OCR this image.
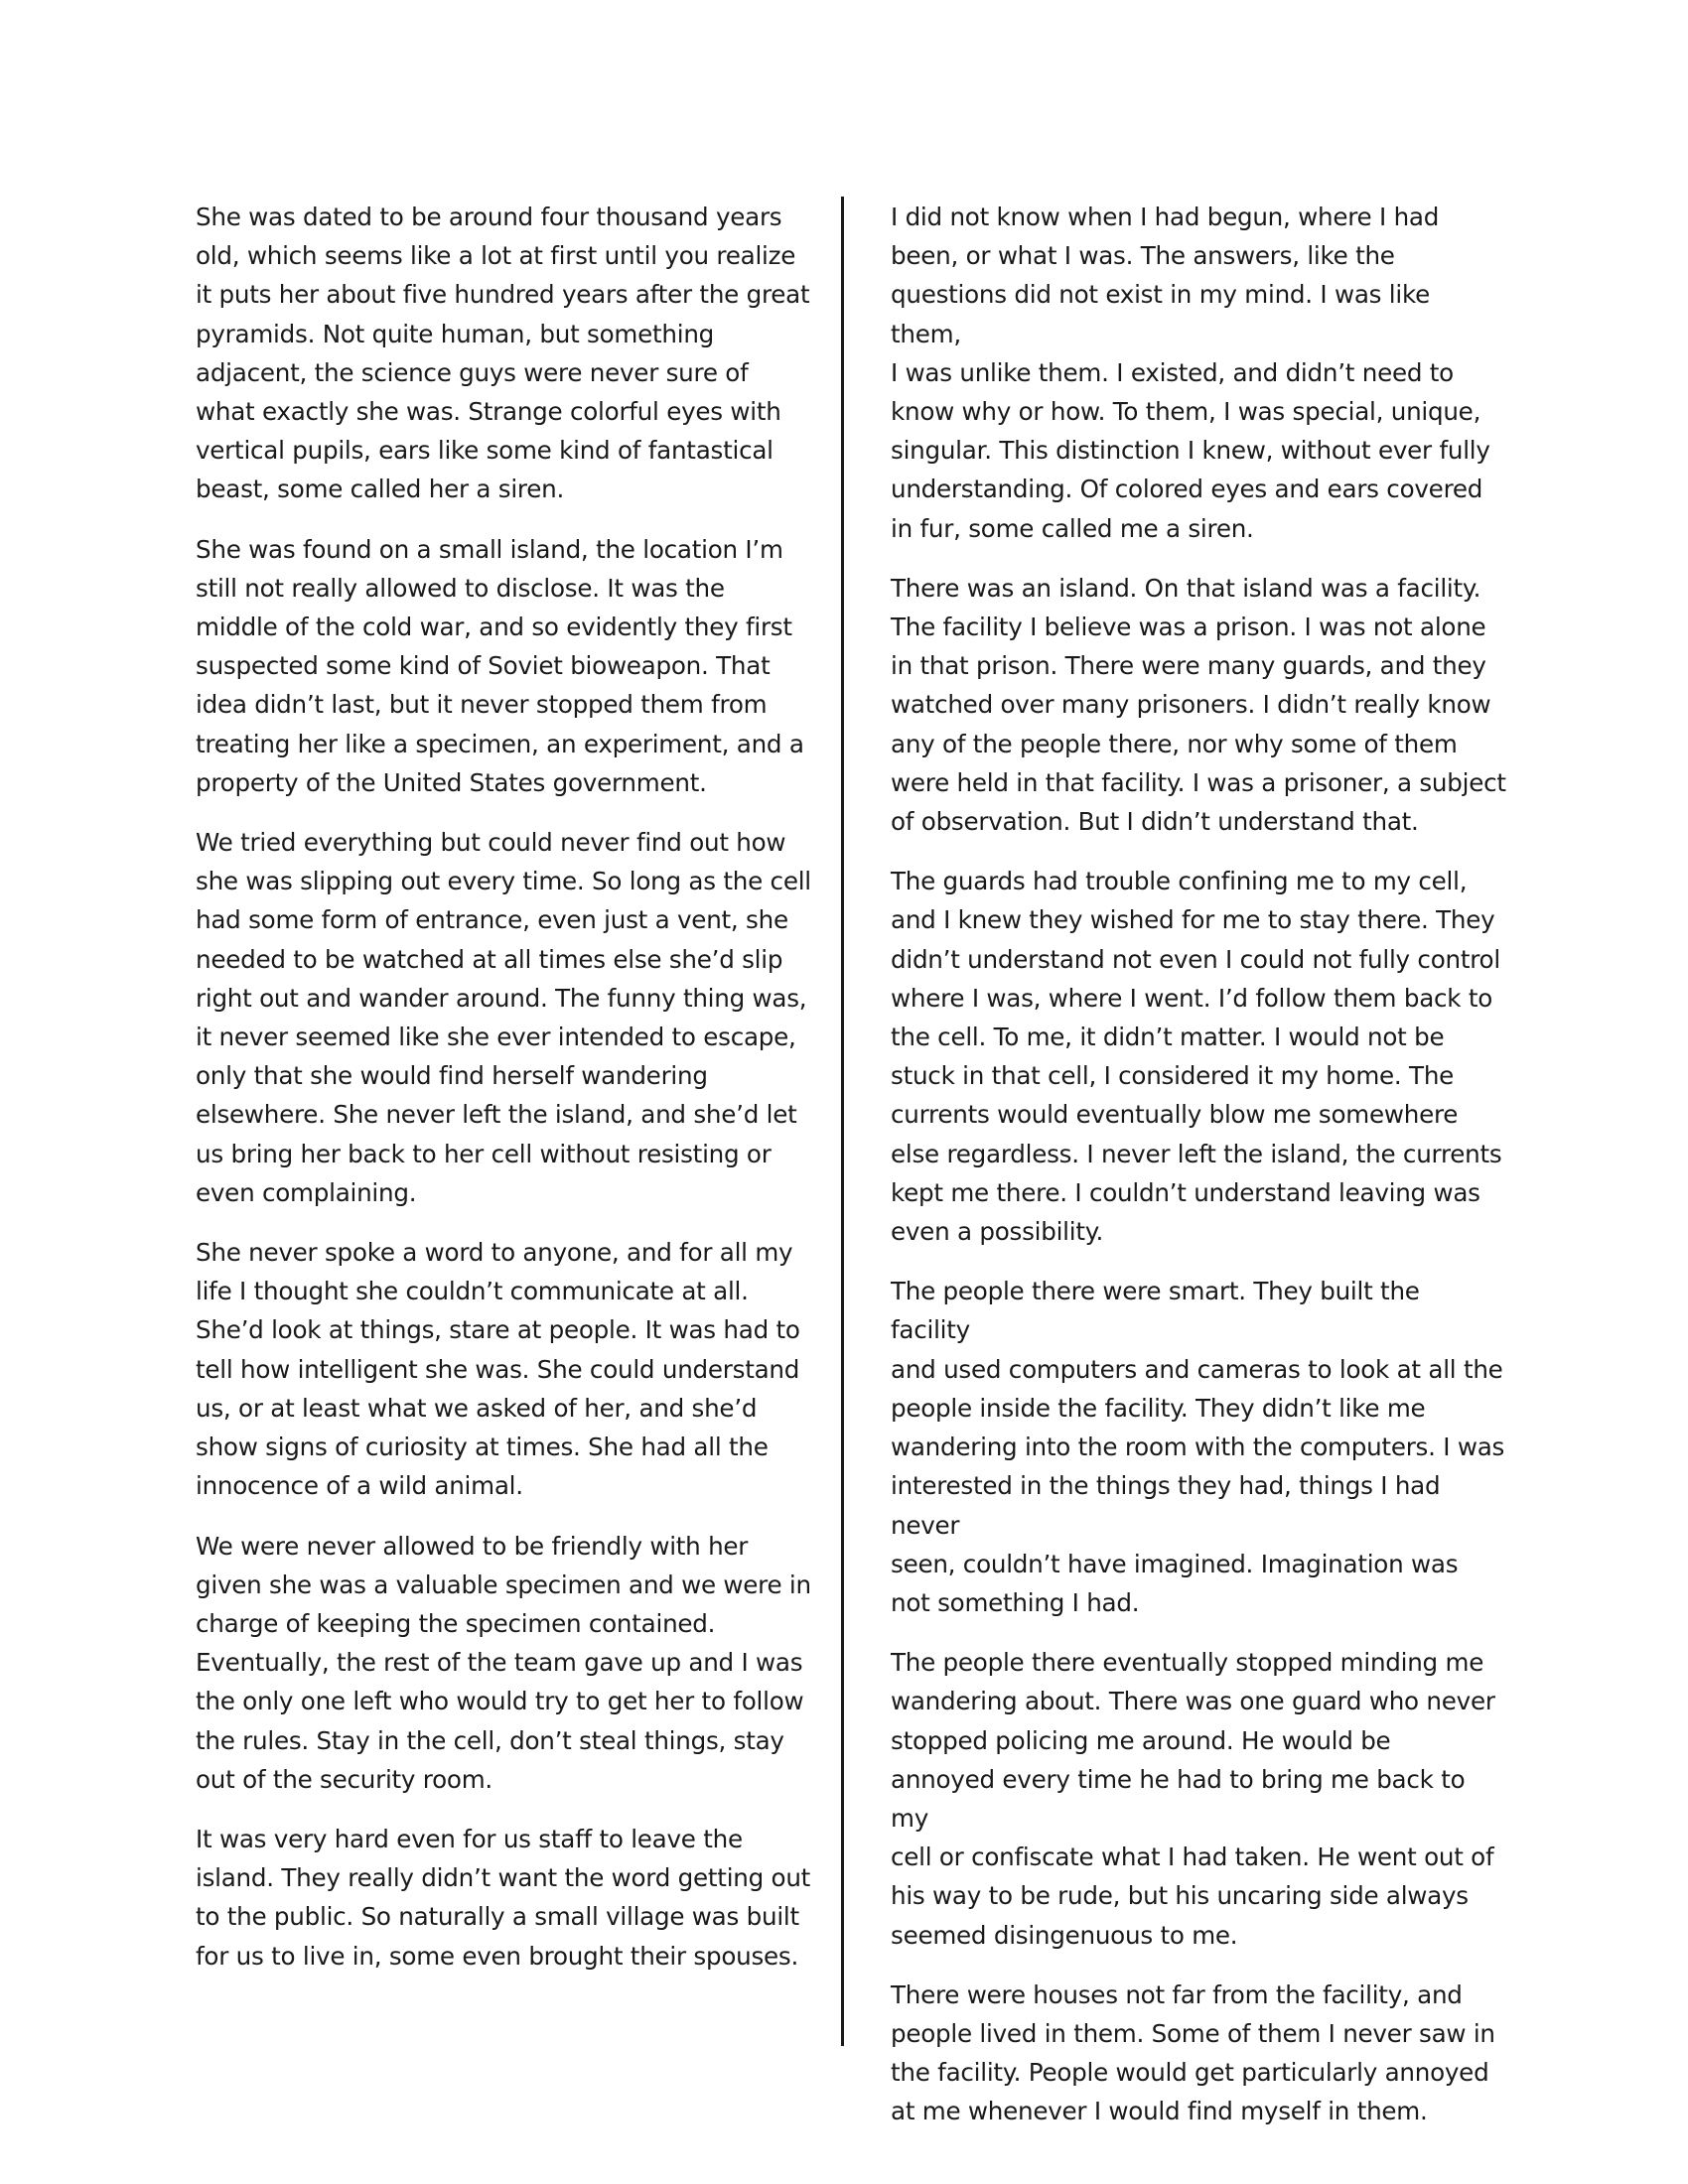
She was dated to be around four thousand years
old, which seems like a lot at first until you realize
it puts her about five hundred years after the great
pyramids. Not quite human, but something
adjacent, the science guys were never sure of
what exactly she was. Strange colorful eyes with
vertical pupils, ears like some kind of fantastical
beast, some called her a siren.

She was found on a small island, the location I’m
still not really allowed to disclose. It was the
middle of the cold war, and so evidently they first
suspected some kind of Soviet bioweapon. That
idea didn’t last, but it never stopped them from
treating her like a specimen, an experiment, and a
property of the United States government.

We tried everything but could never find out how
she was slipping out every time. So long as the cell
had some form of entrance, even just a vent, she
needed to be watched at all times else she’d slip
right out and wander around. The funny thing was,
it never seemed like she ever intended to escape,
only that she would find herself wandering
elsewhere. She never left the island, and she’d let
us bring her back to her cell without resisting or
even complaining.

She never spoke a word to anyone, and for all my
life I thought she couldn’t communicate at all.
She’d look at things, stare at people. It was had to
tell how intelligent she was. She could understand
us, or at least what we asked of her, and she’d
show signs of curiosity at times. She had all the
innocence of a wild animal.

We were never allowed to be friendly with her
given she was a valuable specimen and we were in
charge of keeping the specimen contained.
Eventually, the rest of the team gave up and I was
the only one left who would try to get her to follow
the rules. Stay in the cell, don’t steal things, stay
out of the security room.

It was very hard even for us staff to leave the
island. They really didn’t want the word getting out
to the public. So naturally a small village was built
for us to live in, some even brought their spouses.

I did not know when I had begun, where I had
been, or what I was. The answers, like the
questions did not exist in my mind. I was like them,
I was unlike them. I existed, and didn’t need to
know why or how. To them, I was special, unique,
singular. This distinction I knew, without ever fully
understanding. Of colored eyes and ears covered
in fur, some called me a siren.

There was an island. On that island was a facility.
The facility I believe was a prison. I was not alone
in that prison. There were many guards, and they
watched over many prisoners. I didn’t really know
any of the people there, nor why some of them
were held in that facility. I was a prisoner, a subject
of observation. But I didn’t understand that.

The guards had trouble confining me to my cell,
and I knew they wished for me to stay there. They
didn’t understand not even I could not fully control
where I was, where I went. I’d follow them back to
the cell. To me, it didn’t matter. I would not be
stuck in that cell, I considered it my home. The
currents would eventually blow me somewhere
else regardless. I never left the island, the currents
kept me there. I couldn’t understand leaving was
even a possibility.

The people there were smart. They built the facility
and used computers and cameras to look at all the
people inside the facility. They didn’t like me
wandering into the room with the computers. I was
interested in the things they had, things I had never
seen, couldn’t have imagined. Imagination was
not something I had.

The people there eventually stopped minding me
wandering about. There was one guard who never
stopped policing me around. He would be
annoyed every time he had to bring me back to my
cell or confiscate what I had taken. He went out of
his way to be rude, but his uncaring side always
seemed disingenuous to me.

There were houses not far from the facility, and
people lived in them. Some of them I never saw in
the facility. People would get particularly annoyed
at me whenever I would find myself in them.
